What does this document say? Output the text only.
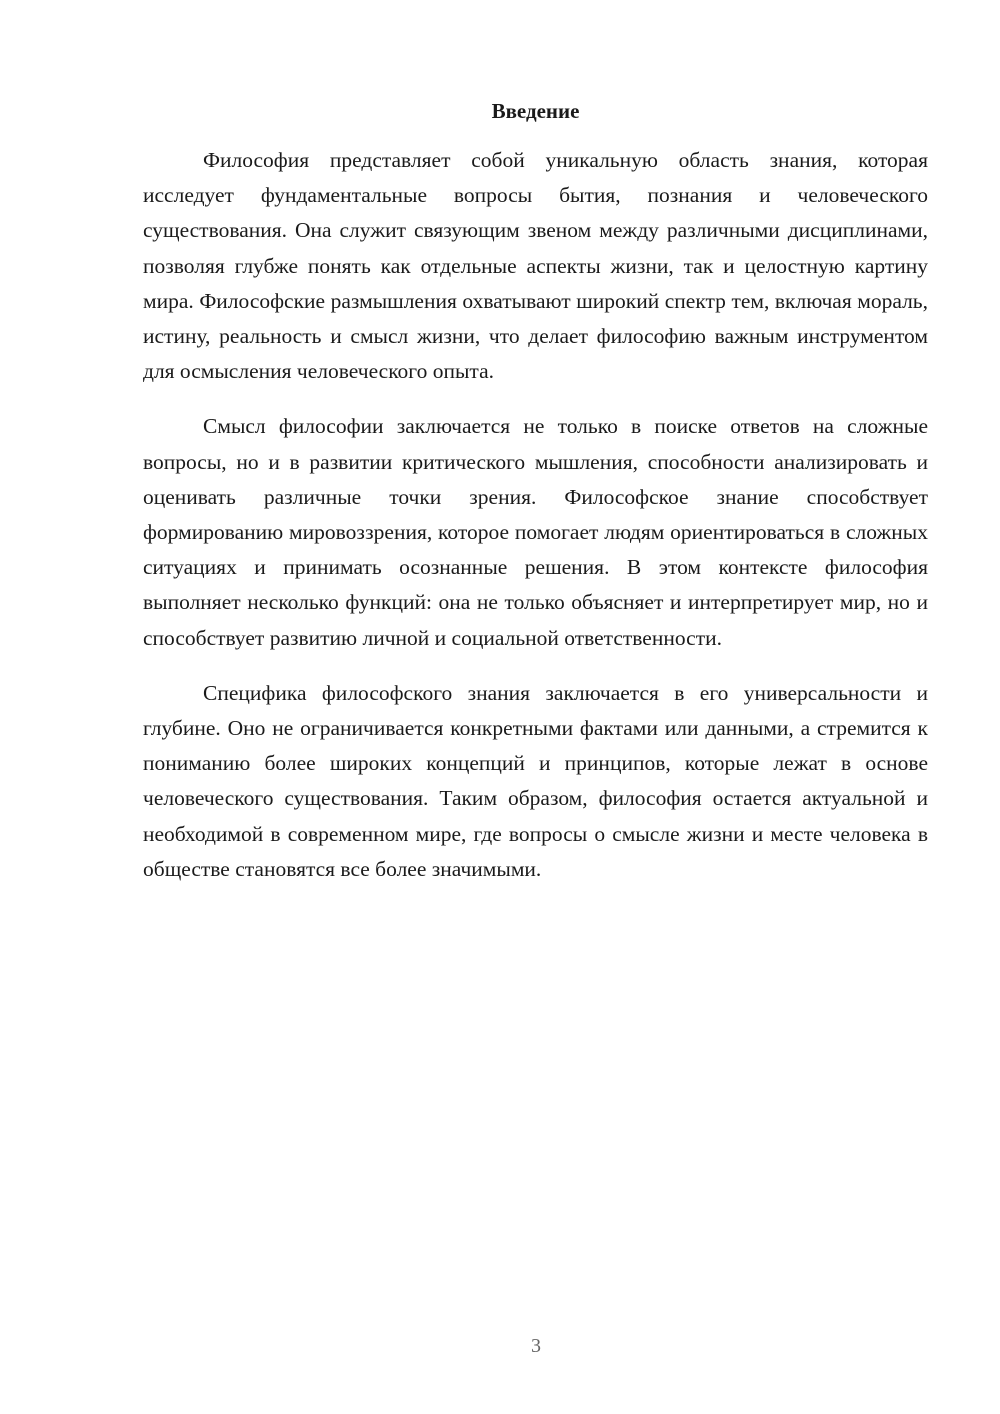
Введение

Философия представляет собой уникальную область знания, которая исследует фундаментальные вопросы бытия, познания и человеческого существования. Она служит связующим звеном между различными дисциплинами, позволяя глубже понять как отдельные аспекты жизни, так и целостную картину мира. Философские размышления охватывают широкий спектр тем, включая мораль, истину, реальность и смысл жизни, что делает философию важным инструментом для осмысления человеческого опыта.

Смысл философии заключается не только в поиске ответов на сложные вопросы, но и в развитии критического мышления, способности анализировать и оценивать различные точки зрения. Философское знание способствует формированию мировоззрения, которое помогает людям ориентироваться в сложных ситуациях и принимать осознанные решения. В этом контексте философия выполняет несколько функций: она не только объясняет и интерпретирует мир, но и способствует развитию личной и социальной ответственности.

Специфика философского знания заключается в его универсальности и глубине. Оно не ограничивается конкретными фактами или данными, а стремится к пониманию более широких концепций и принципов, которые лежат в основе человеческого существования. Таким образом, философия остается актуальной и необходимой в современном мире, где вопросы о смысле жизни и месте человека в обществе становятся все более значимыми.

3
